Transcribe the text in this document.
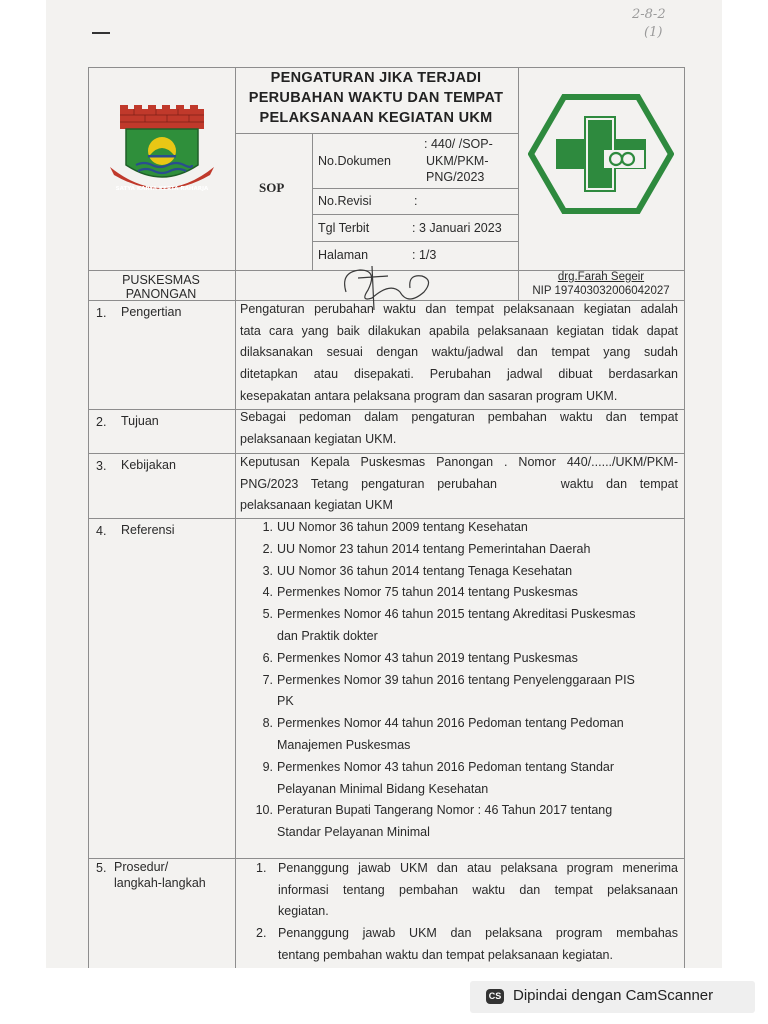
2-8-2
(1)
SATYA KARYA KERTA RAHARJA
PENGATURAN JIKA TERJADI
PERUBAHAN WAKTU DAN TEMPAT
PELAKSANAAN KEGIATAN UKM
SOP
No.Dokumen
: 440/ /SOP-
UKM/PKM-
PNG/2023
No.Revisi	:
Tgl Terbit	: 3 Januari 2023
Halaman	: 1/3
PUSKESMAS
PANONGAN
drg.Farah Segeir
NIP 197403032006042027
1. Pengertian	Pengaturan perubahan waktu dan tempat pelaksanaan kegiatan adalah
tata cara yang baik dilakukan apabila pelaksanaan kegiatan tidak dapat
dilaksanakan sesuai dengan waktu/jadwal dan tempat yang sudah
ditetapkan atau disepakati. Perubahan jadwal dibuat berdasarkan
kesepakatan antara pelaksana program dan sasaran program UKM.
2. Tujuan	Sebagai pedoman dalam pengaturan pembahan waktu dan tempat
pelaksanaan kegiatan UKM.
3. Kebijakan	Keputusan Kepala Puskesmas Panongan . Nomor 440/....../UKM/PKM-
PNG/2023 Tetang pengaturan perubahan     waktu dan tempat
pelaksanaan kegiatan UKM
4. Referensi	1. UU Nomor 36 tahun 2009 tentang Kesehatan
2. UU Nomor 23 tahun 2014 tentang Pemerintahan Daerah
3. UU Nomor 36 tahun 2014 tentang Tenaga Kesehatan
4. Permenkes Nomor 75 tahun 2014 tentang Puskesmas
5. Permenkes Nomor 46 tahun 2015 tentang Akreditasi Puskesmas
dan Praktik dokter
6. Permenkes Nomor 43 tahun 2019 tentang Puskesmas
7. Permenkes Nomor 39 tahun 2016 tentang Penyelenggaraan PIS
PK
8. Permenkes Nomor 44 tahun 2016 Pedoman tentang Pedoman
Manajemen Puskesmas
9. Permenkes Nomor 43 tahun 2016 Pedoman tentang Standar
Pelayanan Minimal Bidang Kesehatan
10. Peraturan Bupati Tangerang Nomor : 46 Tahun 2017 tentang
Standar Pelayanan Minimal
5. Prosedur/
langkah-langkah
1. Penanggung jawab UKM dan atau pelaksana program menerima
informasi tentang pembahan waktu dan tempat pelaksanaan
kegiatan.
2. Penanggung jawab UKM dan pelaksana program membahas
tentang pembahan waktu dan tempat pelaksanaan kegiatan.
CS Dipindai dengan CamScanner
